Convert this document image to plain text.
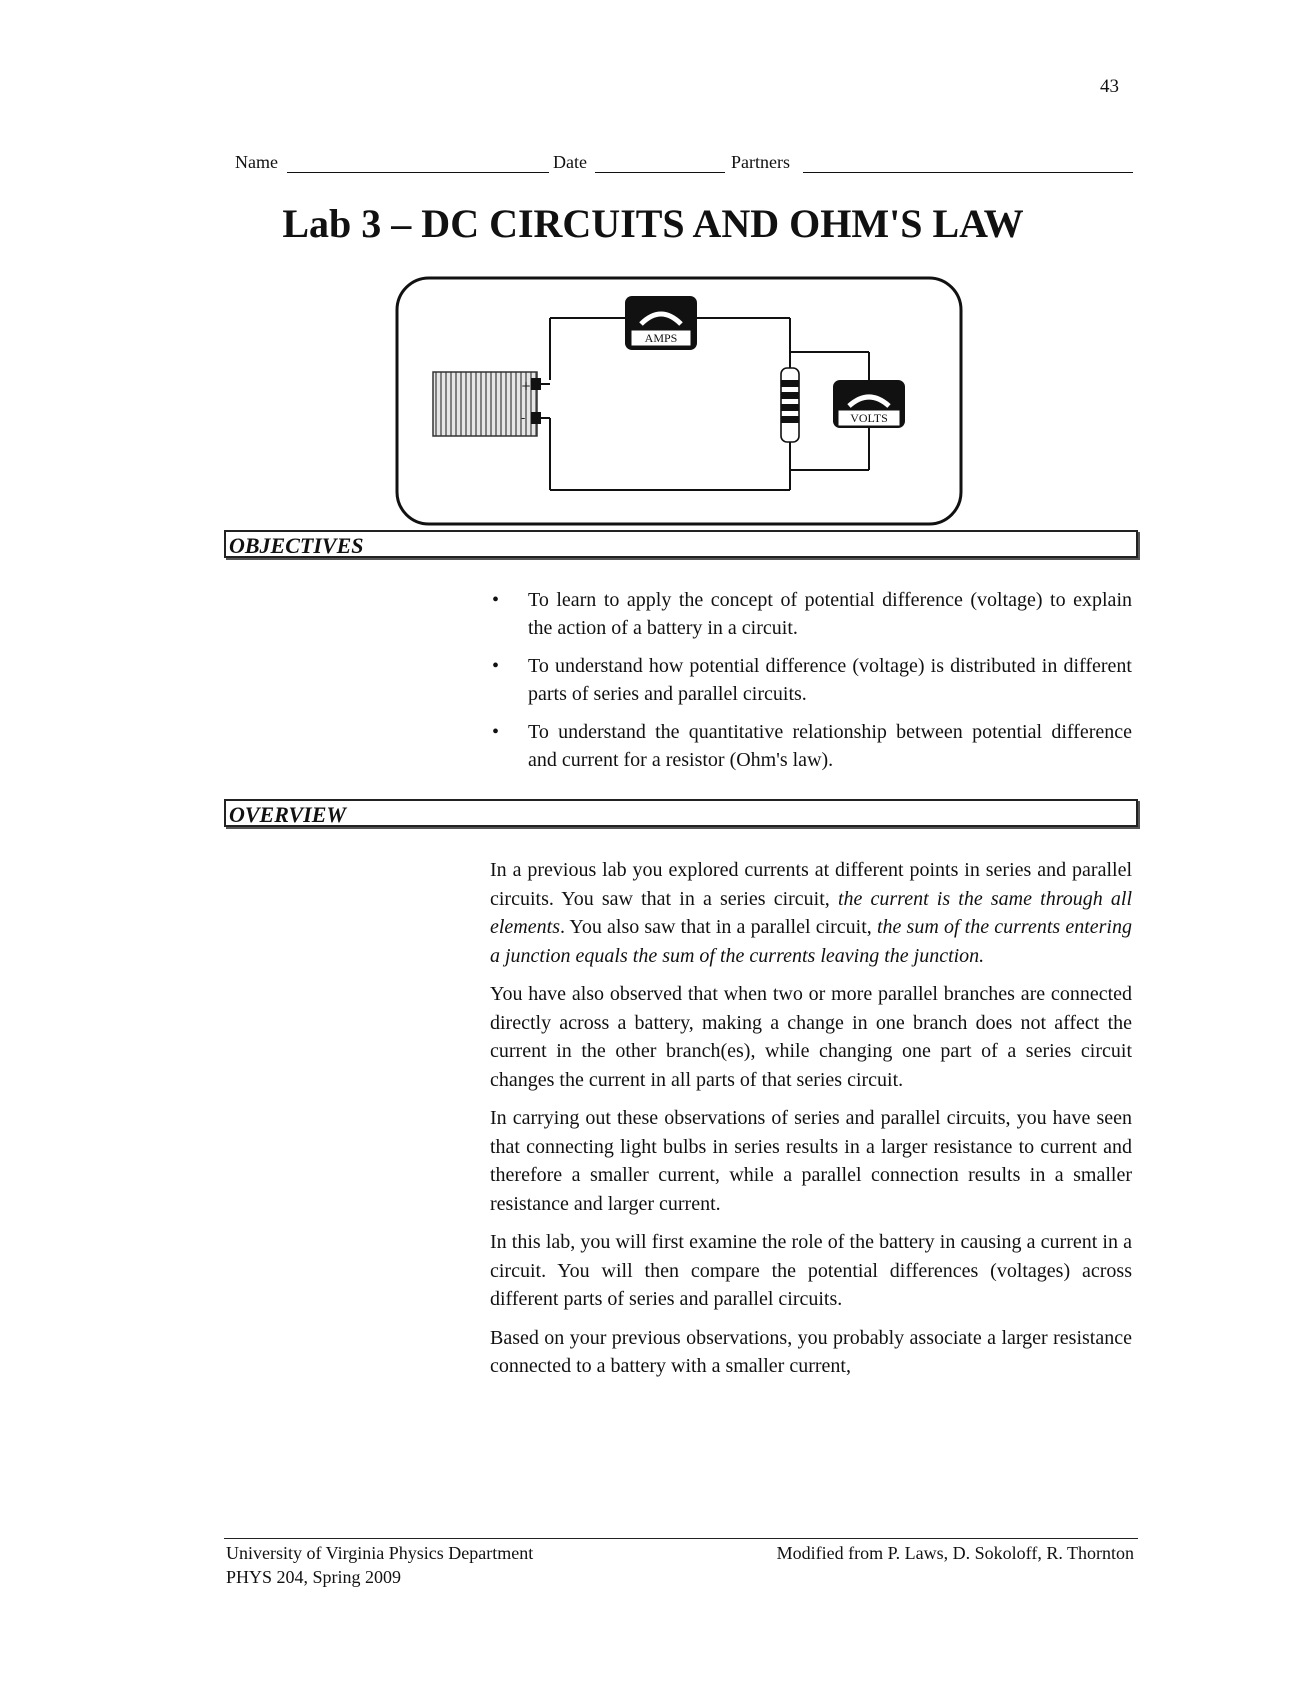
43
Name	Date	Partners
Lab 3 – DC CIRCUITS AND OHM'S LAW
+
-
AMPS
VOLTS
OBJECTIVES
• To learn to apply the concept of potential difference (voltage) to explain the action of a battery in a circuit.
• To understand how potential difference (voltage) is distributed in different parts of series and parallel circuits.
• To understand the quantitative relationship between potential difference and current for a resistor (Ohm's law).
OVERVIEW

In a previous lab you explored currents at different points in series and parallel circuits. You saw that in a series circuit, the current is the same through all elements. You also saw that in a parallel circuit, the sum of the currents entering a junction equals the sum of the currents leaving the junction.

You have also observed that when two or more parallel branches are connected directly across a battery, making a change in one branch does not affect the current in the other branch(es), while changing one part of a series circuit changes the current in all parts of that series circuit.

In carrying out these observations of series and parallel circuits, you have seen that connecting light bulbs in series results in a larger resistance to current and therefore a smaller current, while a parallel connection results in a smaller resistance and larger current.

In this lab, you will first examine the role of the battery in causing a current in a circuit. You will then compare the potential differences (voltages) across different parts of series and parallel circuits.

Based on your previous observations, you probably associate a larger resistance connected to a battery with a smaller current,

University of Virginia Physics Department
PHYS 204, Spring 2009
Modified from P. Laws, D. Sokoloff, R. Thornton
